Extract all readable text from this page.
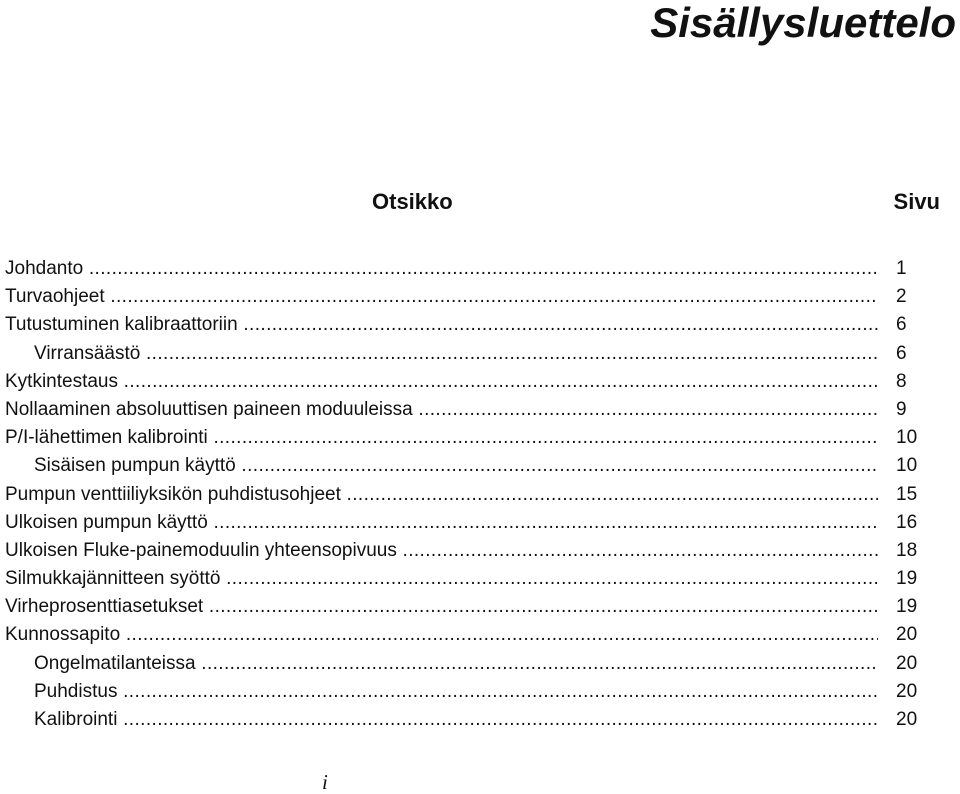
Sisällysluettelo
Otsikko	Sivu
Johdanto .....	1
Turvaohjeet .....	2
Tutustuminen kalibraattoriin .....	6
Virransäästö .....	6
Kytkintestaus .....	8
Nollaaminen absoluuttisen paineen moduuleissa .....	9
P/I-lähettimen kalibrointi .....	10
Sisäisen pumpun käyttö .....	10
Pumpun venttiiliyksikön puhdistusohjeet .....	15
Ulkoisen pumpun käyttö .....	16
Ulkoisen Fluke-painemoduulin yhteensopivuus .....	18
Silmukkajännitteen syöttö .....	19
Virheprosenttiasetukset .....	19
Kunnossapito .....	20
Ongelmatilanteissa .....	20
Puhdistus .....	20
Kalibrointi .....	20
i
